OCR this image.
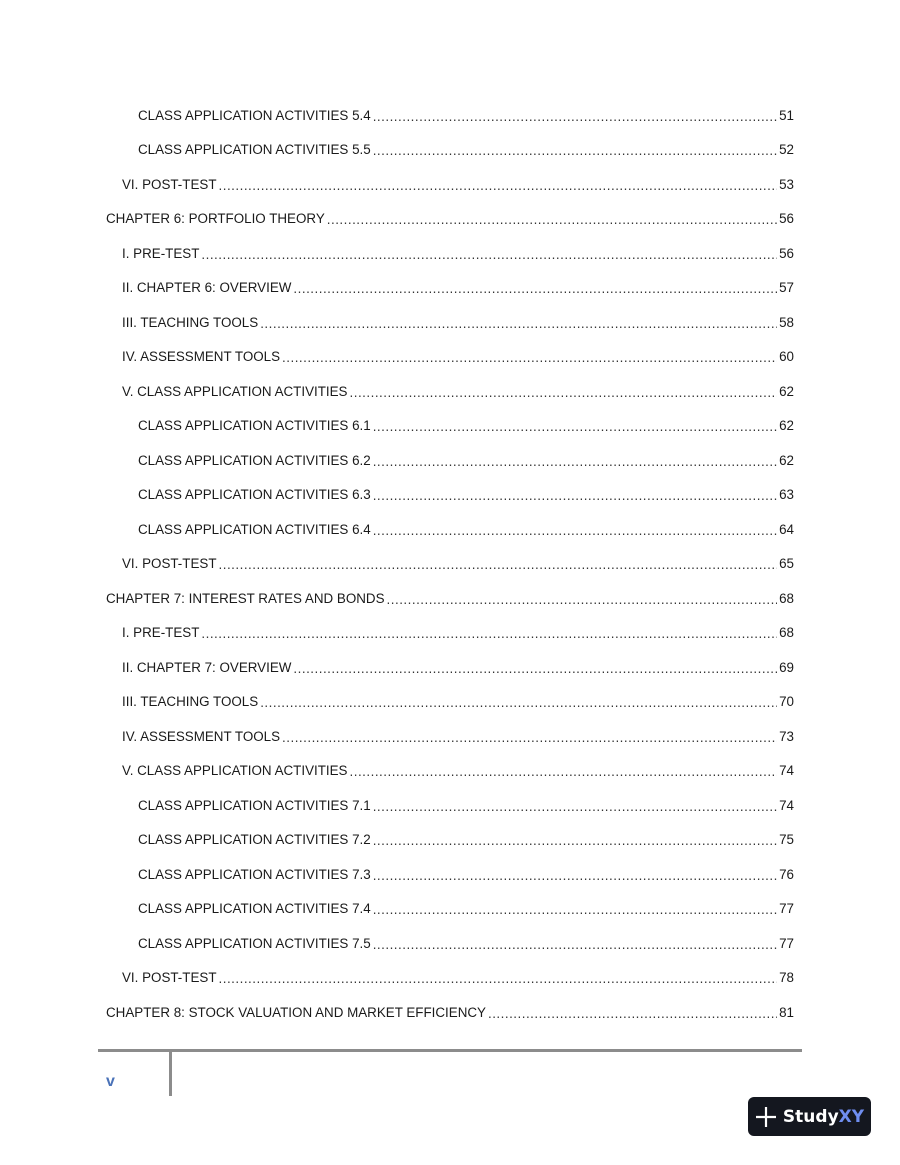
CLASS APPLICATION ACTIVITIES 5.4 .....	51
CLASS APPLICATION ACTIVITIES 5.5 .....	52
VI. POST-TEST .....	53
CHAPTER 6: PORTFOLIO THEORY .....	56
I. PRE-TEST .....	56
II. CHAPTER 6: OVERVIEW .....	57
III. TEACHING TOOLS .....	58
IV. ASSESSMENT TOOLS .....	60
V. CLASS APPLICATION ACTIVITIES .....	62
CLASS APPLICATION ACTIVITIES 6.1 .....	62
CLASS APPLICATION ACTIVITIES 6.2 .....	62
CLASS APPLICATION ACTIVITIES 6.3 .....	63
CLASS APPLICATION ACTIVITIES 6.4 .....	64
VI. POST-TEST .....	65
CHAPTER 7: INTEREST RATES AND BONDS .....	68
I. PRE-TEST .....	68
II. CHAPTER 7: OVERVIEW .....	69
III. TEACHING TOOLS .....	70
IV. ASSESSMENT TOOLS .....	73
V. CLASS APPLICATION ACTIVITIES .....	74
CLASS APPLICATION ACTIVITIES 7.1 .....	74
CLASS APPLICATION ACTIVITIES 7.2 .....	75
CLASS APPLICATION ACTIVITIES 7.3 .....	76
CLASS APPLICATION ACTIVITIES 7.4 .....	77
CLASS APPLICATION ACTIVITIES 7.5 .....	77
VI. POST-TEST .....	78
CHAPTER 8: STOCK VALUATION AND MARKET EFFICIENCY .....	81
v
Study XY
